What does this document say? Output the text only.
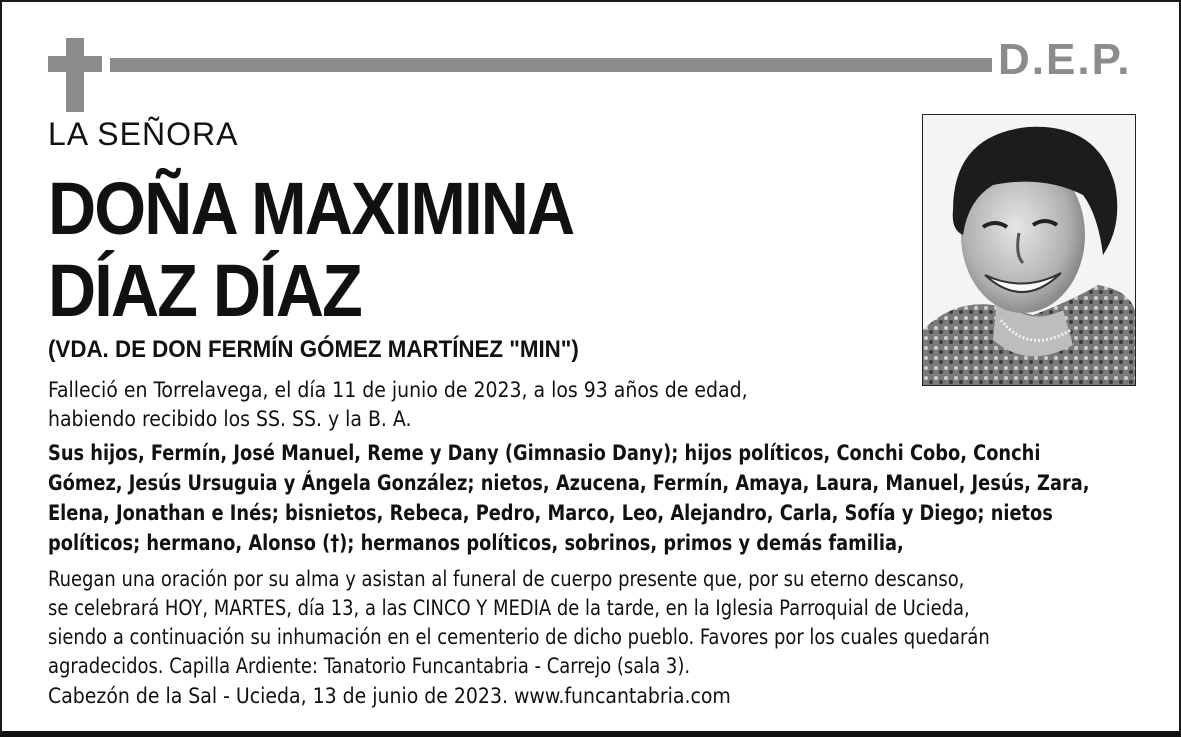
D.E.P.
LA SEÑORA
DOÑA MAXIMINA
DÍAZ DÍAZ
(VDA. DE DON FERMÍN GÓMEZ MARTÍNEZ "MIN")
Falleció en Torrelavega, el día 11 de junio de 2023, a los 93 años de edad,
habiendo recibido los SS. SS. y la B. A.
Sus hijos, Fermín, José Manuel, Reme y Dany (Gimnasio Dany); hijos políticos, Conchi Cobo, Conchi
Gómez, Jesús Ursuguia y Ángela González; nietos, Azucena, Fermín, Amaya, Laura, Manuel, Jesús, Zara,
Elena, Jonathan e Inés; bisnietos, Rebeca, Pedro, Marco, Leo, Alejandro, Carla, Sofía y Diego; nietos
políticos; hermano, Alonso (†); hermanos políticos, sobrinos, primos y demás familia,
Ruegan una oración por su alma y asistan al funeral de cuerpo presente que, por su eterno descanso,
se celebrará HOY, MARTES, día 13, a las CINCO Y MEDIA de la tarde, en la Iglesia Parroquial de Ucieda,
siendo a continuación su inhumación en el cementerio de dicho pueblo. Favores por los cuales quedarán
agradecidos. Capilla Ardiente: Tanatorio Funcantabria - Carrejo (sala 3).
Cabezón de la Sal - Ucieda, 13 de junio de 2023. www.funcantabria.com
